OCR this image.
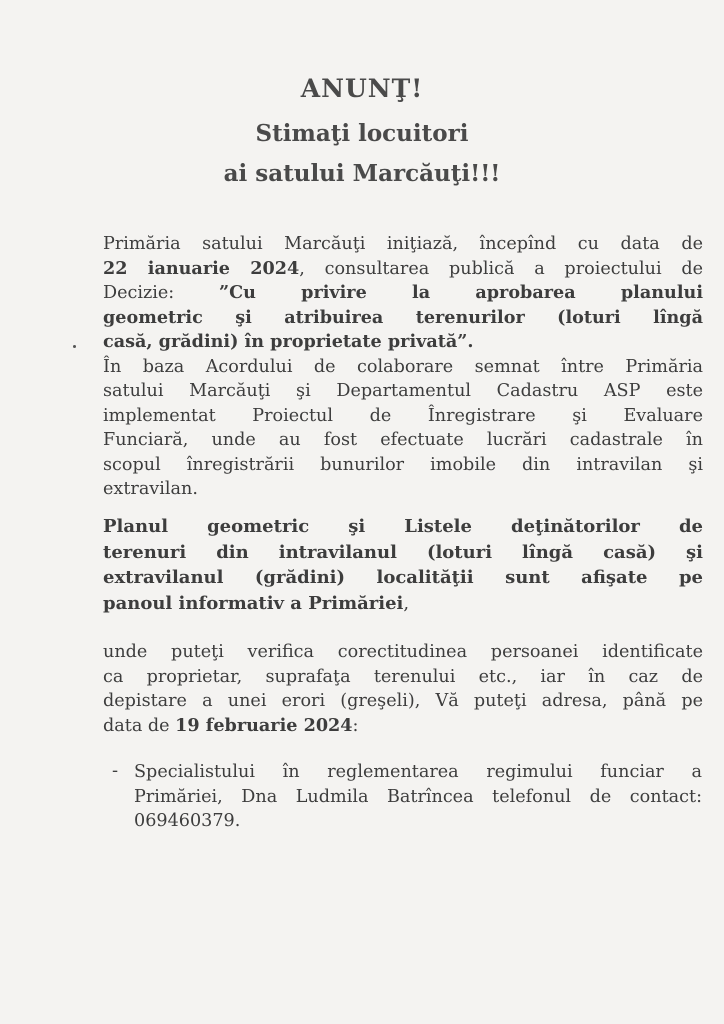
ANUNŢ!
Stimaţi locuitori
ai satului Marcăuţi!!!
Primăria satului Marcăuţi iniţiază, începînd cu data de
22 ianuarie 2024, consultarea publică a proiectului de
Decizie: ”Cu privire la aprobarea planului
geometric şi atribuirea terenurilor (loturi lîngă
casă, grădini) în proprietate privată”.
În baza Acordului de colaborare semnat între Primăria
satului Marcăuţi şi Departamentul Cadastru ASP este
implementat Proiectul de Înregistrare şi Evaluare
Funciară, unde au fost efectuate lucrări cadastrale în
scopul înregistrării bunurilor imobile din intravilan şi
extravilan.
Planul geometric şi Listele deţinătorilor de
terenuri din intravilanul (loturi lîngă casă) şi
extravilanul (grădini) localităţii sunt afişate pe
panoul informativ a Primăriei,
unde puteţi verifica corectitudinea persoanei identificate
ca proprietar, suprafaţa terenului etc., iar în caz de
depistare a unei erori (greşeli), Vă puteţi adresa, până pe
data de 19 februarie 2024:
- Specialistului în reglementarea regimului funciar a
Primăriei, Dna Ludmila Batrîncea telefonul de contact:
069460379.
